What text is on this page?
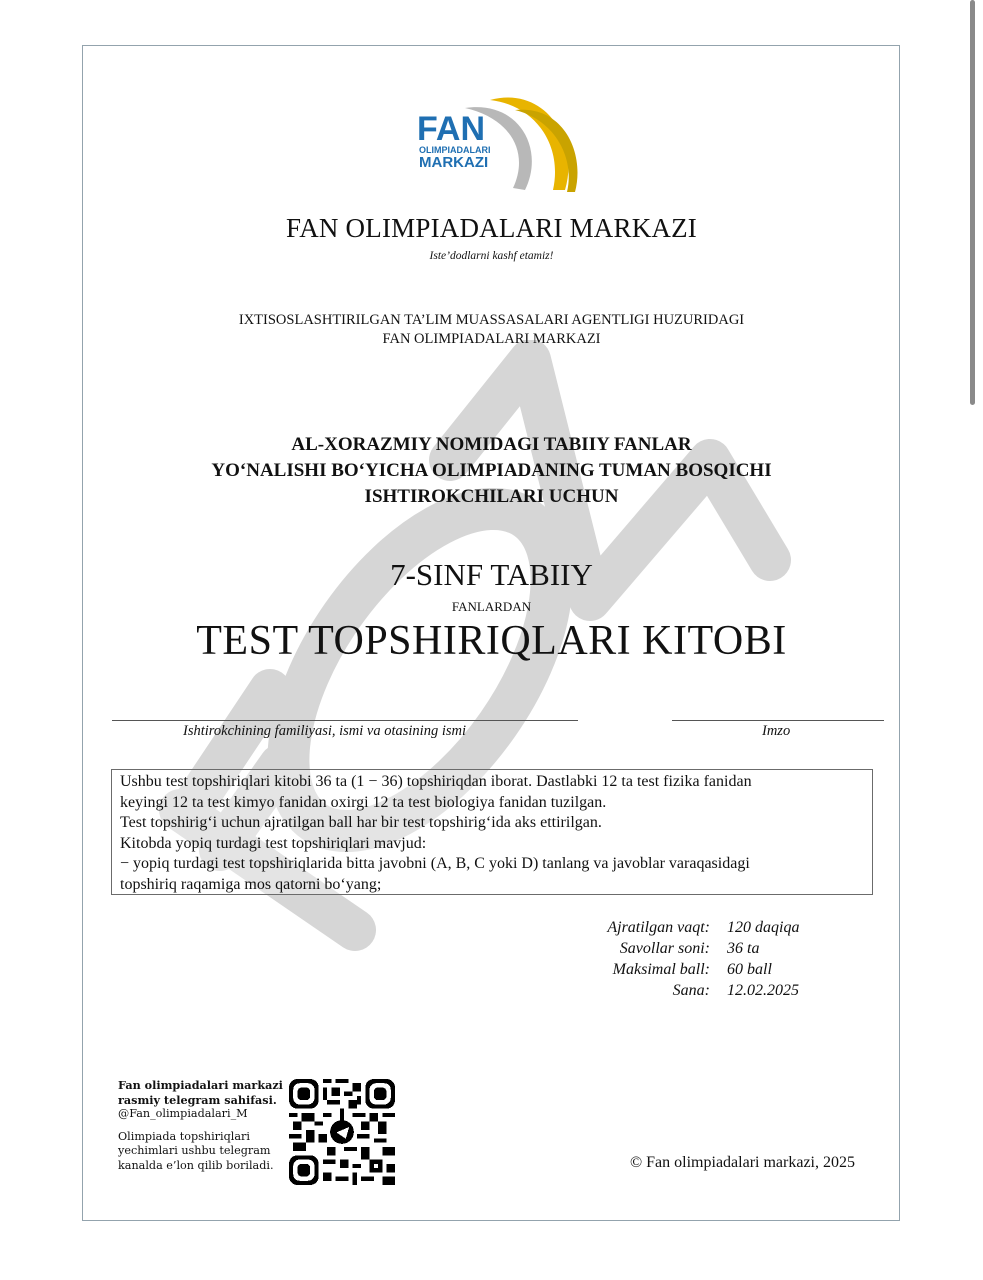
FAN
OLIMPIADALARI
MARKAZI
FAN OLIMPIADALARI MARKAZI
Iste’dodlarni kashf etamiz!
IXTISOSLASHTIRILGAN TA’LIM MUASSASALARI AGENTLIGI HUZURIDAGI
FAN OLIMPIADALARI MARKAZI
AL-XORAZMIY NOMIDAGI TABIIY FANLAR
YO‘NALISHI BO‘YICHA OLIMPIADANING TUMAN BOSQICHI
ISHTIROKCHILARI UCHUN
7-SINF TABIIY
FANLARDAN
TEST TOPSHIRIQLARI KITOBI
Ishtirokchining familiyasi, ismi va otasining ismi	Imzo
Ushbu test topshiriqlari kitobi 36 ta (1 − 36) topshiriqdan iborat. Dastlabki 12 ta test fizika fanidan
keyingi 12 ta test kimyo fanidan oxirgi 12 ta test biologiya fanidan tuzilgan.
Test topshirig‘i uchun ajratilgan ball har bir test topshirig‘ida aks ettirilgan.
Kitobda yopiq turdagi test topshiriqlari mavjud:
− yopiq turdagi test topshiriqlarida bitta javobni (A, B, C yoki D) tanlang va javoblar varaqasidagi
topshiriq raqamiga mos qatorni bo‘yang;
Ajratilgan vaqt:	120 daqiqa
Savollar soni:	36 ta
Maksimal ball:	60 ball
Sana:	12.02.2025
Fan olimpiadalari markazi
rasmiy telegram sahifasi.
@Fan_olimpiadalari_M
Olimpiada topshiriqlari
yechimlari ushbu telegram
kanalda e’lon qilib boriladi.	© Fan olimpiadalari markazi, 2025
